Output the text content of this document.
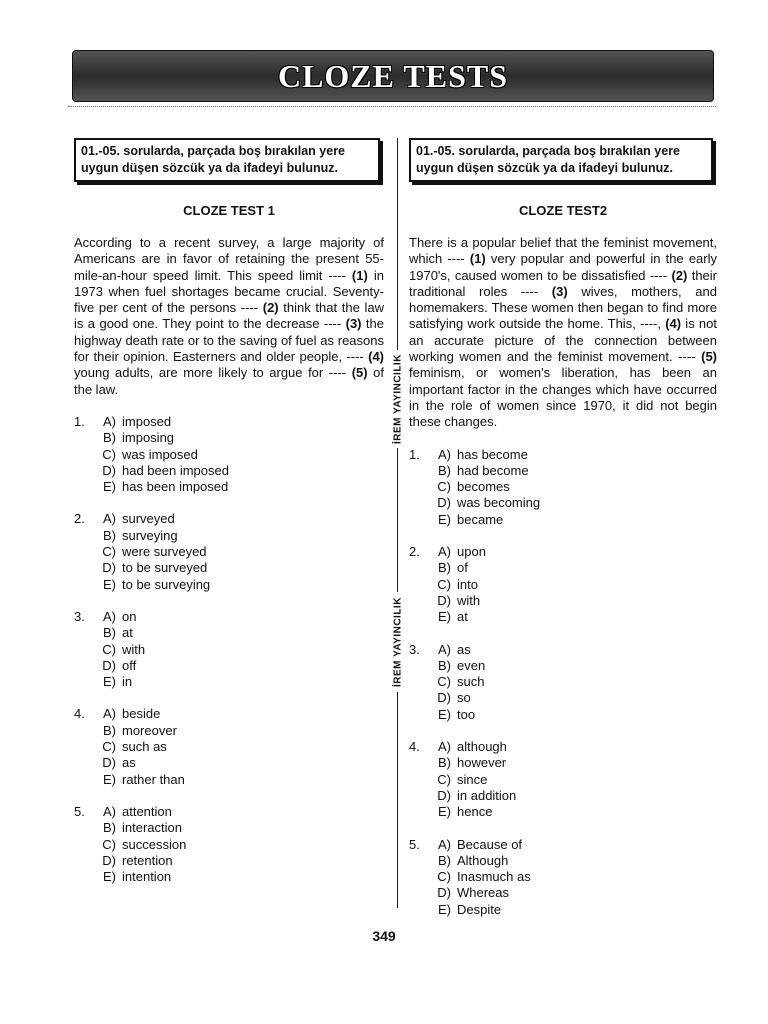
CLOZE TESTS
İREM YAYINCILIK
İREM YAYINCILIK
01.-05. sorularda, parçada boş bırakılan yere uygun düşen sözcük ya da ifadeyi bulunuz.
CLOZE TEST 1

According to a recent survey, a large majority of Americans are in favor of retaining the present 55-mile-an-hour speed limit. This speed limit ---- (1) in 1973 when fuel shortages became crucial. Seventy-five per cent of the persons ---- (2) think that the law is a good one. They point to the decrease ---- (3) the highway death rate or to the saving of fuel as reasons for their opinion. Easterners and older people, ---- (4) young adults, are more likely to argue for ---- (5) of the law.

1.	A) imposed
B) imposing
C) was imposed
D) had been imposed
E) has been imposed
2.	A) surveyed
B) surveying
C) were surveyed
D) to be surveyed
E) to be surveying
3.	A) on
B) at
C) with
D) off
E) in
4.	A) beside
B) moreover
C) such as
D) as
E) rather than
5.	A) attention
B) interaction
C) succession
D) retention
E) intention
01.-05. sorularda, parçada boş bırakılan yere uygun düşen sözcük ya da ifadeyi bulunuz.
CLOZE TEST2

There is a popular belief that the feminist movement, which ---- (1) very popular and powerful in the early 1970's, caused women to be dissatisfied ---- (2) their traditional roles ---- (3) wives, mothers, and homemakers. These women then began to find more satisfying work outside the home. This, ----, (4) is not an accurate picture of the connection between working women and the feminist movement. ---- (5) feminism, or women's liberation, has been an important factor in the changes which have occurred in the role of women since 1970, it did not begin these changes.

1.	A) has become
B) had become
C) becomes
D) was becoming
E) became
2.	A) upon
B) of
C) into
D) with
E) at
3.	A) as
B) even
C) such
D) so
E) too
4.	A) although
B) however
C) since
D) in addition
E) hence
5.	A) Because of
B) Although
C) Inasmuch as
D) Whereas
E) Despite
349
